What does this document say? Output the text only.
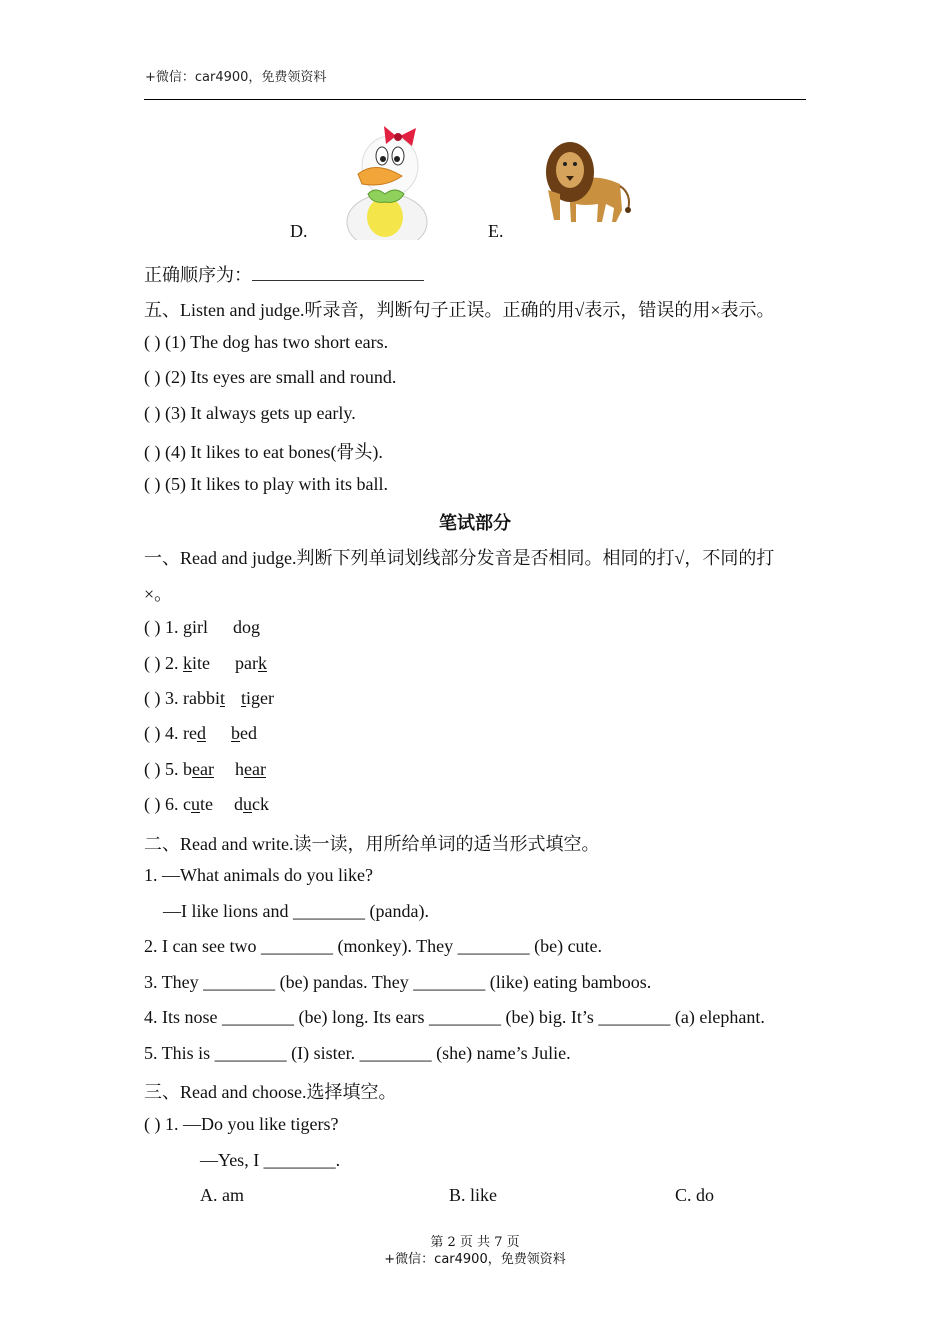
+微信：car4900，免费领资料
D.	E.
正确顺序为：
五、Listen and judge.听录音，判断句子正误。正确的用√表示，错误的用×表示。
( ) (1) The dog has two short ears.
( ) (2) Its eyes are small and round.
( ) (3) It always gets up early.
( ) (4) It likes to eat bones(骨头).
( ) (5) It likes to play with its ball.
笔试部分
一、Read and judge.判断下列单词划线部分发音是否相同。相同的打√，不同的打
×。
( ) 1. girl dog
( ) 2. kite park
( ) 3. rabbit tiger
( ) 4. red bed
( ) 5. bear hear
( ) 6. cute duck
二、Read and write.读一读，用所给单词的适当形式填空。
1. —What animals do you like?
—I like lions and ________ (panda).
2. I can see two ________ (monkey). They ________ (be) cute.
3. They ________ (be) pandas. They ________ (like) eating bamboos.
4. Its nose ________ (be) long. Its ears ________ (be) big. It’s ________ (a) elephant.
5. This is ________ (I) sister. ________ (she) name’s Julie.
三、Read and choose.选择填空。
( ) 1. —Do you like tigers?
—Yes, I ________.
A. am	B. like	C. do
第 2 页 共 7 页
+微信：car4900，免费领资料
